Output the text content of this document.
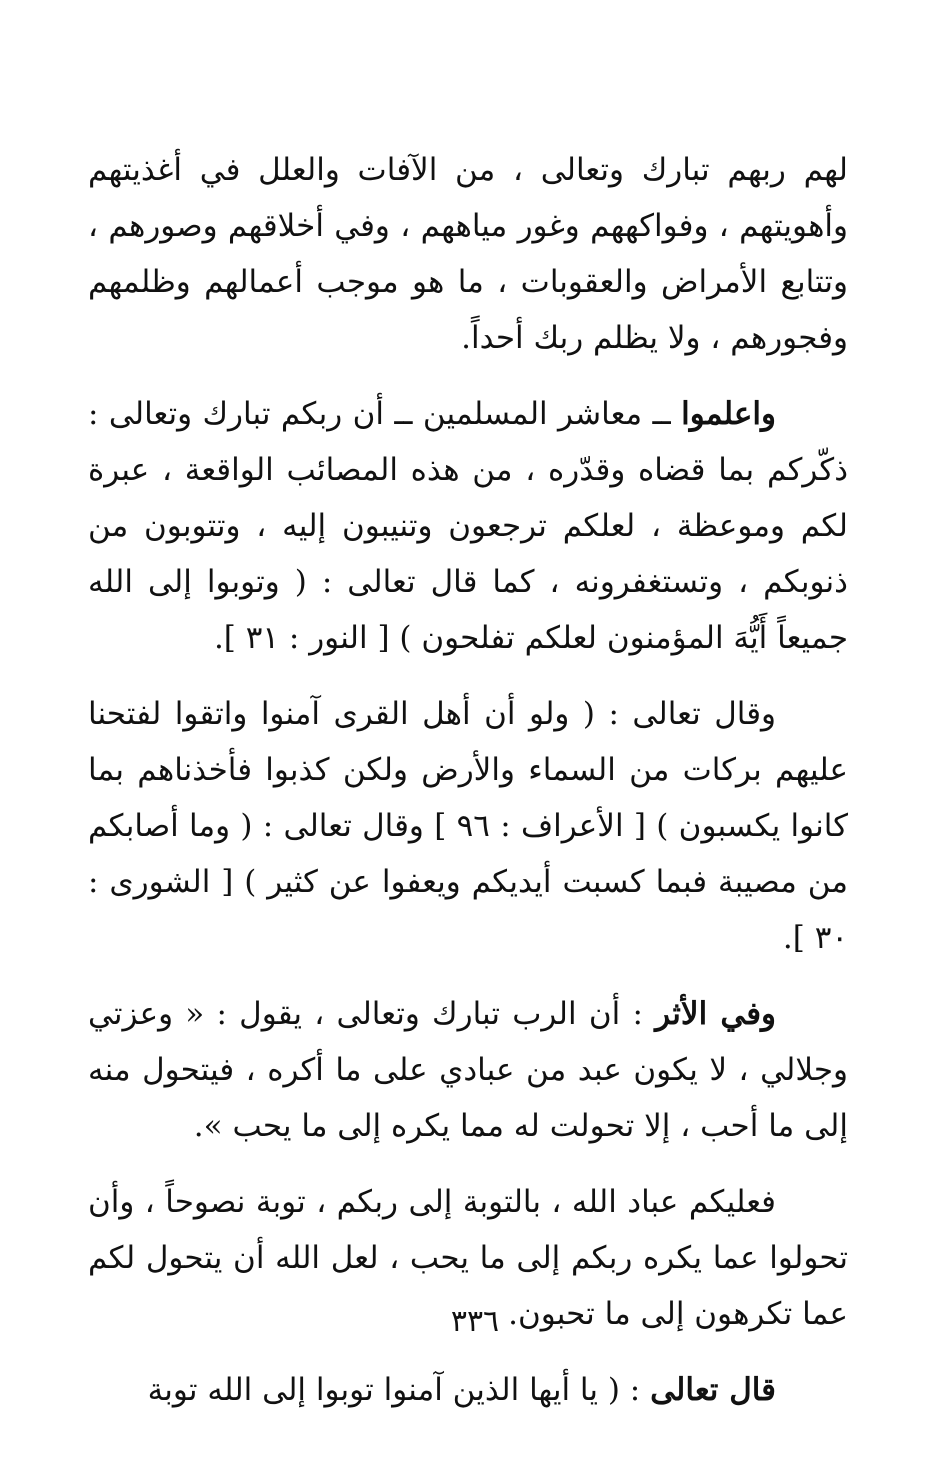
لهم ربهم تبارك وتعالى ، من الآفات والعلل في أغذيتهم وأهويتهم ، وفواكههم وغور مياههم ، وفي أخلاقهم وصورهم ، وتتابع الأمراض والعقوبات ، ما هو موجب أعمالهم وظلمهم وفجورهم ، ولا يظلم ربك أحداً.

واعلموا ــ معاشر المسلمين ــ أن ربكم تبارك وتعالى : ذكّركم بما قضاه وقدّره ، من هذه المصائب الواقعة ، عبرة لكم وموعظة ، لعلكم ترجعون وتنيبون إليه ، وتتوبون من ذنوبكم ، وتستغفرونه ، كما قال تعالى : ( وتوبوا إلى الله جميعاً أَيُّهَ المؤمنون لعلكم تفلحون ) [ النور : ٣١ ].

وقال تعالى : ( ولو أن أهل القرى آمنوا واتقوا لفتحنا عليهم بركات من السماء والأرض ولكن كذبوا فأخذناهم بما كانوا يكسبون ) [ الأعراف : ٩٦ ] وقال تعالى : ( وما أصابكم من مصيبة فبما كسبت أيديكم ويعفوا عن كثير ) [ الشورى : ٣٠ ].

وفي الأثر : أن الرب تبارك وتعالى ، يقول : « وعزتي وجلالي ، لا يكون عبد من عبادي على ما أكره ، فيتحول منه إلى ما أحب ، إلا تحولت له مما يكره إلى ما يحب ».

فعليكم عباد الله ، بالتوبة إلى ربكم ، توبة نصوحاً ، وأن تحولوا عما يكره ربكم إلى ما يحب ، لعل الله أن يتحول لكم عما تكرهون إلى ما تحبون.

قال تعالى : ( يا أيها الذين آمنوا توبوا إلى الله توبة

٣٣٦
